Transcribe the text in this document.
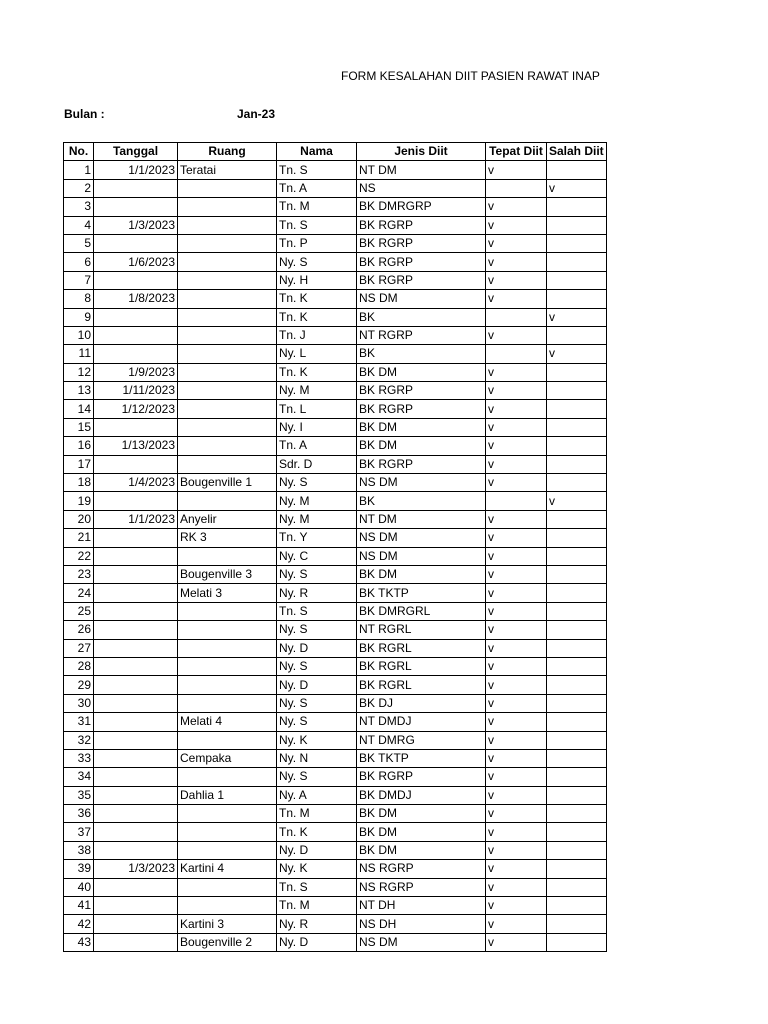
FORM KESALAHAN DIIT PASIEN RAWAT INAP
Bulan :	Jan-23
No.	Tanggal	Ruang	Nama	Jenis Diit	Tepat Diit	Salah Diit
1	1/1/2023	Teratai	Tn. S	NT DM	v	
2			Tn. A	NS		v
3			Tn. M	BK DMRGRP	v	
4	1/3/2023		Tn. S	BK RGRP	v	
5			Tn. P	BK RGRP	v	
6	1/6/2023		Ny. S	BK RGRP	v	
7			Ny. H	BK RGRP	v	
8	1/8/2023		Tn. K	NS DM	v	
9			Tn. K	BK		v
10			Tn. J	NT RGRP	v	
11			Ny. L	BK		v
12	1/9/2023		Tn. K	BK DM	v	
13	1/11/2023		Ny. M	BK RGRP	v	
14	1/12/2023		Tn. L	BK RGRP	v	
15			Ny. I	BK DM	v	
16	1/13/2023		Tn. A	BK DM	v	
17			Sdr. D	BK RGRP	v	
18	1/4/2023	Bougenville 1	Ny. S	NS DM	v	
19			Ny. M	BK		v
20	1/1/2023	Anyelir	Ny. M	NT DM	v	
21		RK 3	Tn. Y	NS DM	v	
22			Ny. C	NS DM	v	
23		Bougenville 3	Ny. S	BK DM	v	
24		Melati 3	Ny. R	BK TKTP	v	
25			Tn. S	BK DMRGRL	v	
26			Ny. S	NT RGRL	v	
27			Ny. D	BK RGRL	v	
28			Ny. S	BK RGRL	v	
29			Ny. D	BK RGRL	v	
30			Ny. S	BK DJ	v	
31		Melati 4	Ny. S	NT DMDJ	v	
32			Ny. K	NT DMRG	v	
33		Cempaka	Ny. N	BK TKTP	v	
34			Ny. S	BK RGRP	v	
35		Dahlia 1	Ny. A	BK DMDJ	v	
36			Tn. M	BK DM	v	
37			Tn. K	BK DM	v	
38			Ny. D	BK DM	v	
39	1/3/2023	Kartini 4	Ny. K	NS RGRP	v	
40			Tn. S	NS RGRP	v	
41			Tn. M	NT DH	v	
42		Kartini 3	Ny. R	NS DH	v	
43		Bougenville 2	Ny. D	NS DM	v	
